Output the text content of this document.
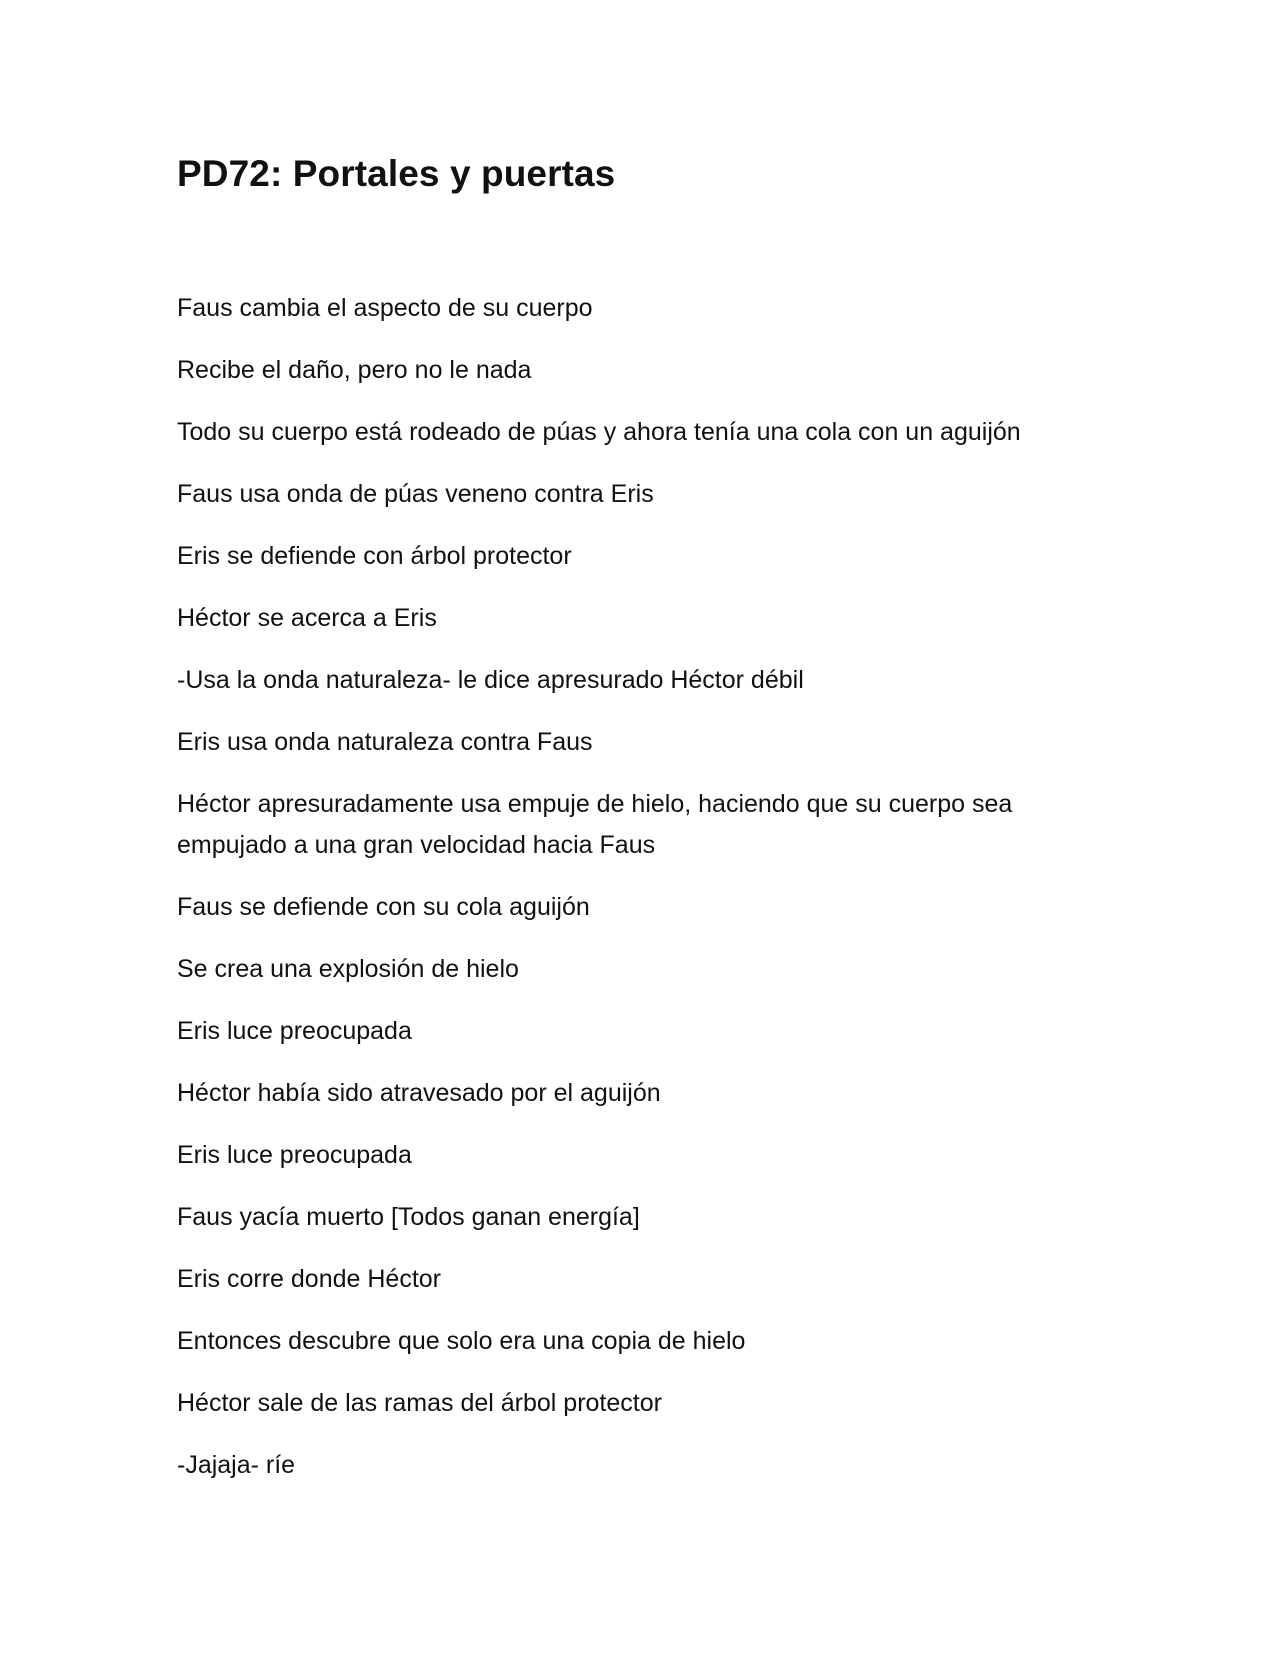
PD72: Portales y puertas

Faus cambia el aspecto de su cuerpo

Recibe el daño, pero no le nada

Todo su cuerpo está rodeado de púas y ahora tenía una cola con un aguijón

Faus usa onda de púas veneno contra Eris

Eris se defiende con árbol protector

Héctor se acerca a Eris

-Usa la onda naturaleza- le dice apresurado Héctor débil

Eris usa onda naturaleza contra Faus

Héctor apresuradamente usa empuje de hielo, haciendo que su cuerpo sea empujado a una gran velocidad hacia Faus

Faus se defiende con su cola aguijón

Se crea una explosión de hielo

Eris luce preocupada

Héctor había sido atravesado por el aguijón

Eris luce preocupada

Faus yacía muerto [Todos ganan energía]

Eris corre donde Héctor

Entonces descubre que solo era una copia de hielo

Héctor sale de las ramas del árbol protector

-Jajaja- ríe
